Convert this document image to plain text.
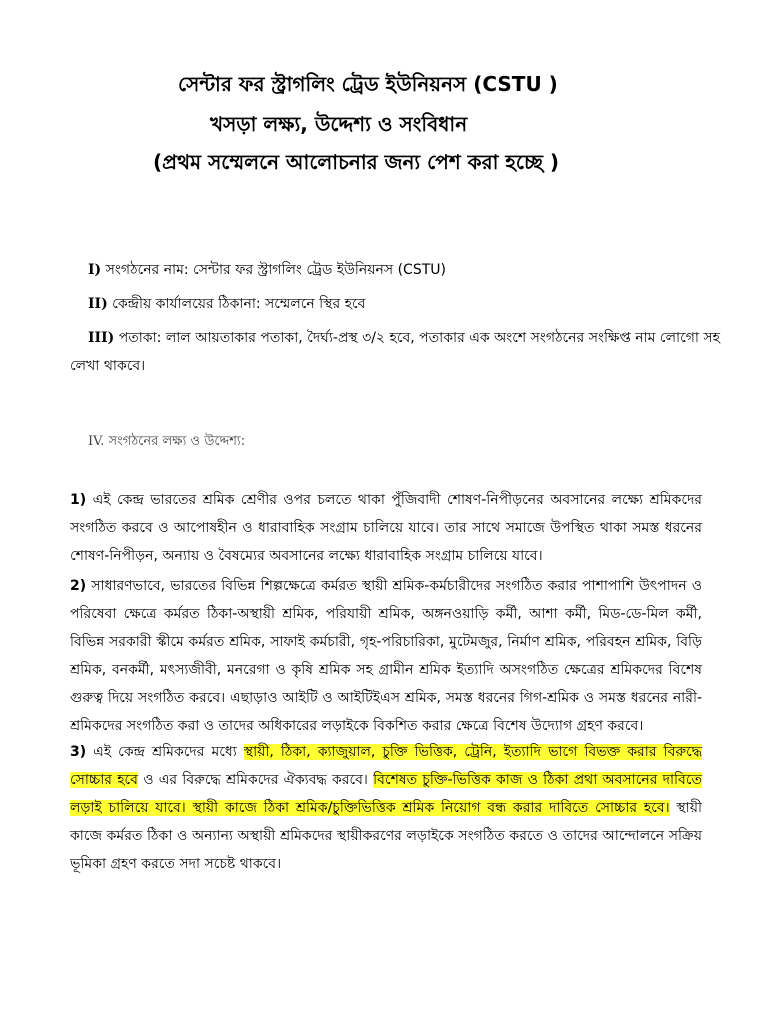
সেন্টার ফর স্ট্রাগলিং ট্রেড ইউনিয়নস (CSTU )
খসড়া লক্ষ্য, উদ্দেশ্য ও সংবিধান
(প্রথম সম্মেলনে আলোচনার জন্য পেশ করা হচ্ছে )
I) সংগঠনের নাম: সেন্টার ফর স্ট্রাগলিং ট্রেড ইউনিয়নস (CSTU)
II) কেন্দ্রীয় কার্যালয়ের ঠিকানা: সম্মেলনে স্থির হবে
III) পতাকা: লাল আয়তাকার পতাকা, দৈর্ঘ্য-প্রস্থ ৩/২ হবে, পতাকার এক অংশে সংগঠনের সংক্ষিপ্ত নাম লোগো সহ
লেখা থাকবে।
IV. সংগঠনের লক্ষ্য ও উদ্দেশ্য:
1) এই কেন্দ্র ভারতের শ্রমিক শ্রেণীর ওপর চলতে থাকা পুঁজিবাদী শোষণ-নিপীড়নের অবসানের লক্ষ্যে শ্রমিকদের সংগঠিত করবে ও আপোষহীন ও ধারাবাহিক সংগ্রাম চালিয়ে যাবে। তার সাথে সমাজে উপস্থিত থাকা সমস্ত ধরনের শোষণ-নিপীড়ন, অন্যায় ও বৈষম্যের অবসানের লক্ষ্যে ধারাবাহিক সংগ্রাম চালিয়ে যাবে।
2) সাধারণভাবে, ভারতের বিভিন্ন শিল্পক্ষেত্রে কর্মরত স্থায়ী শ্রমিক-কর্মচারীদের সংগঠিত করার পাশাপাশি উৎপাদন ও পরিষেবা ক্ষেত্রে কর্মরত ঠিকা-অস্থায়ী শ্রমিক, পরিযায়ী শ্রমিক, অঙ্গনওয়াড়ি কর্মী, আশা কর্মী, মিড-ডে-মিল কর্মী, বিভিন্ন সরকারী স্কীমে কর্মরত শ্রমিক, সাফাই কর্মচারী, গৃহ-পরিচারিকা, মুটেমজুর, নির্মাণ শ্রমিক, পরিবহন শ্রমিক, বিড়ি শ্রমিক, বনকর্মী, মৎস্যজীবী, মনরেগা ও কৃষি শ্রমিক সহ গ্রামীন শ্রমিক ইত্যাদি অসংগঠিত ক্ষেত্রের শ্রমিকদের বিশেষ গুরুত্ব দিয়ে সংগঠিত করবে। এছাড়াও আইটি ও আইটিইএস শ্রমিক, সমস্ত ধরনের গিগ-শ্রমিক ও সমস্ত ধরনের নারী-শ্রমিকদের সংগঠিত করা ও তাদের অধিকারের লড়াইকে বিকশিত করার ক্ষেত্রে বিশেষ উদ্যোগ গ্রহণ করবে।
3) এই কেন্দ্র শ্রমিকদের মধ্যে স্থায়ী, ঠিকা, ক্যাজুয়াল, চুক্তি ভিত্তিক, ট্রেনি, ইত্যাদি ভাগে বিভক্ত করার বিরুদ্ধে সোচ্চার হবে ও এর বিরুদ্ধে শ্রমিকদের ঐক্যবদ্ধ করবে। বিশেষত চুক্তি-ভিত্তিক কাজ ও ঠিকা প্রথা অবসানের দাবিতে লড়াই চালিয়ে যাবে। স্থায়ী কাজে ঠিকা শ্রমিক/চুক্তিভিত্তিক শ্রমিক নিয়োগ বন্ধ করার দাবিতে সোচ্চার হবে। স্থায়ী কাজে কর্মরত ঠিকা ও অন্যান্য অস্থায়ী শ্রমিকদের স্থায়ীকরণের লড়াইকে সংগঠিত করতে ও তাদের আন্দোলনে সক্রিয় ভূমিকা গ্রহণ করতে সদা সচেষ্ট থাকবে।
